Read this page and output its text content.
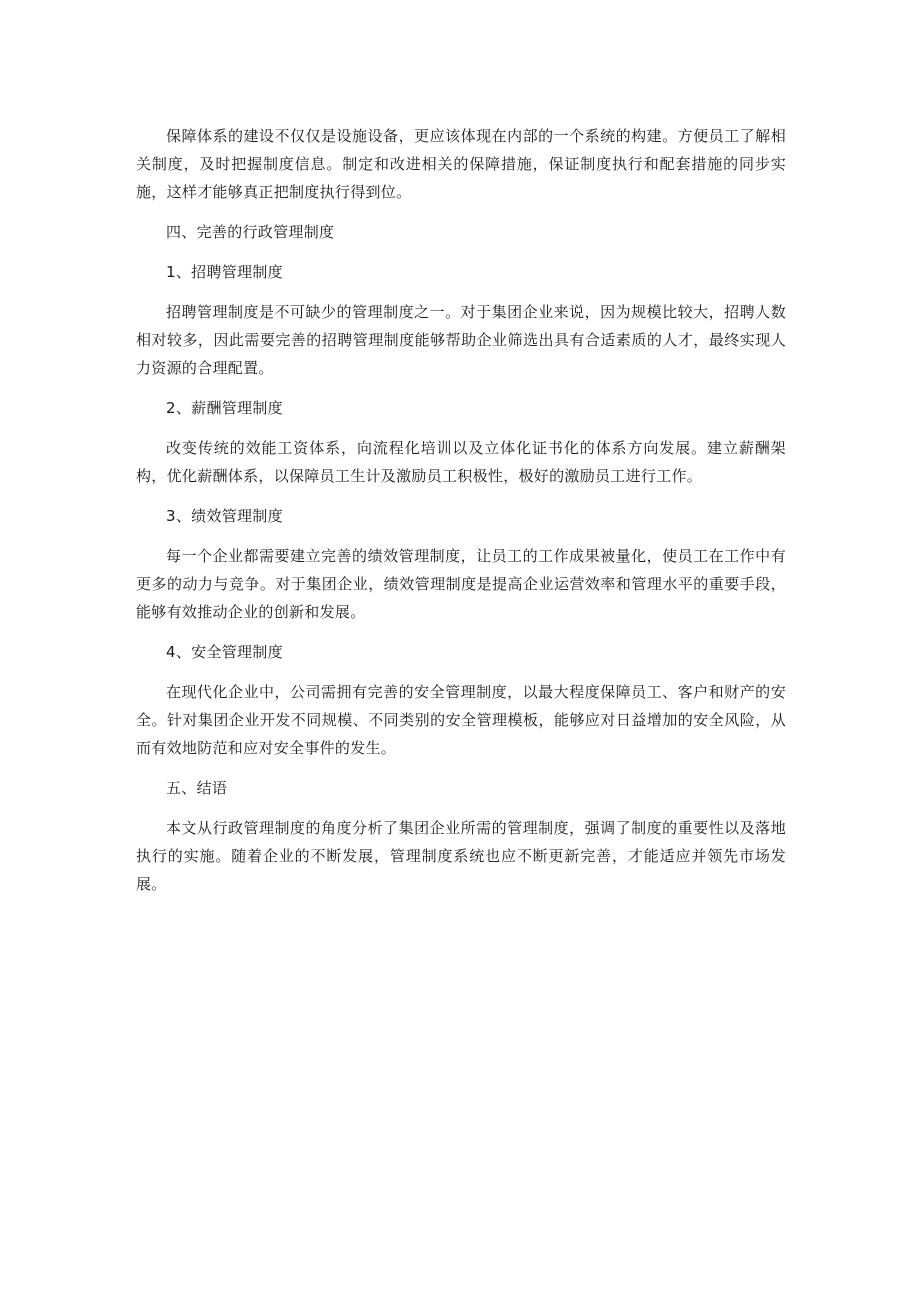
保障体系的建设不仅仅是设施设备，更应该体现在内部的一个系统的构建。方便员工了解相关制度，及时把握制度信息。制定和改进相关的保障措施，保证制度执行和配套措施的同步实施，这样才能够真正把制度执行得到位。

四、完善的行政管理制度

1、招聘管理制度

招聘管理制度是不可缺少的管理制度之一。对于集团企业来说，因为规模比较大，招聘人数相对较多，因此需要完善的招聘管理制度能够帮助企业筛选出具有合适素质的人才，最终实现人力资源的合理配置。

2、薪酬管理制度

改变传统的效能工资体系，向流程化培训以及立体化证书化的体系方向发展。建立薪酬架构，优化薪酬体系，以保障员工生计及激励员工积极性，极好的激励员工进行工作。

3、绩效管理制度

每一个企业都需要建立完善的绩效管理制度，让员工的工作成果被量化，使员工在工作中有更多的动力与竞争。对于集团企业，绩效管理制度是提高企业运营效率和管理水平的重要手段，能够有效推动企业的创新和发展。

4、安全管理制度

在现代化企业中，公司需拥有完善的安全管理制度，以最大程度保障员工、客户和财产的安全。针对集团企业开发不同规模、不同类别的安全管理模板，能够应对日益增加的安全风险，从而有效地防范和应对安全事件的发生。

五、结语

本文从行政管理制度的角度分析了集团企业所需的管理制度，强调了制度的重要性以及落地执行的实施。随着企业的不断发展，管理制度系统也应不断更新完善，才能适应并领先市场发展。
